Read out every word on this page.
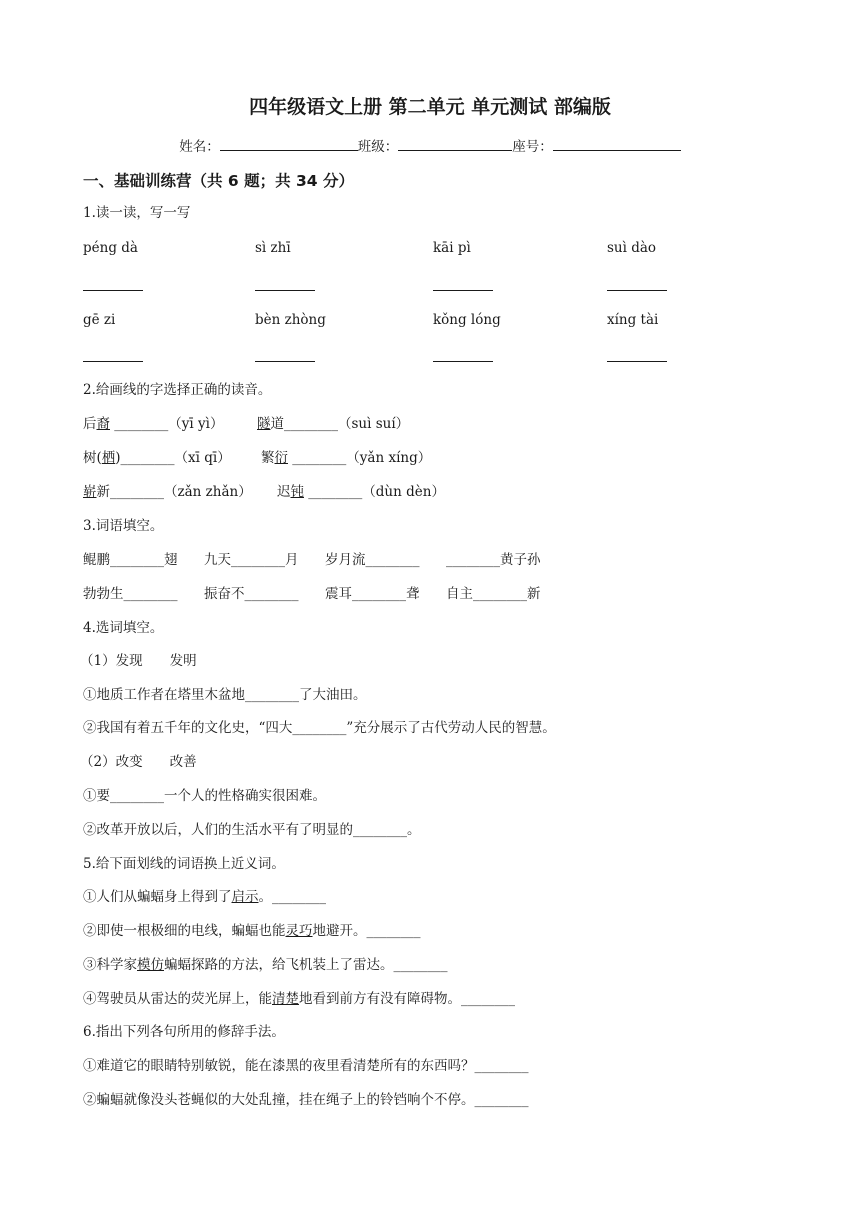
四年级语文上册 第二单元 单元测试 部编版
姓名：	班级：	座号：
一、基础训练营（共 6 题；共 34 分）
1.读一读，写一写
péng dà	sì zhī	kāi pì	suì dào
gē zi	bèn zhòng	kǒng lóng	xíng tài
2.给画线的字选择正确的读音。
后裔 ________（yī yì） 隧道________（suì suí）
树(栖)________（xī qī） 繁衍 ________（yǎn xíng）
崭新________（zǎn zhǎn） 迟钝 ________（dùn dèn）
3.词语填空。
鲲鹏________翅 九天________月 岁月流________ ________黄子孙
勃勃生________ 振奋不________ 震耳________聋 自主________新
4.选词填空。
（1）发现　　发明
①地质工作者在塔里木盆地________了大油田。
②我国有着五千年的文化史，“四大________”充分展示了古代劳动人民的智慧。
（2）改变　　改善
①要________一个人的性格确实很困难。
②改革开放以后，人们的生活水平有了明显的________。
5.给下面划线的词语换上近义词。
①人们从蝙蝠身上得到了启示。________
②即使一根极细的电线，蝙蝠也能灵巧地避开。________
③科学家模仿蝙蝠探路的方法，给飞机装上了雷达。________
④驾驶员从雷达的荧光屏上，能清楚地看到前方有没有障碍物。________
6.指出下列各句所用的修辞手法。
①难道它的眼睛特别敏锐，能在漆黑的夜里看清楚所有的东西吗？________
②蝙蝠就像没头苍蝇似的大处乱撞，挂在绳子上的铃铛响个不停。________
